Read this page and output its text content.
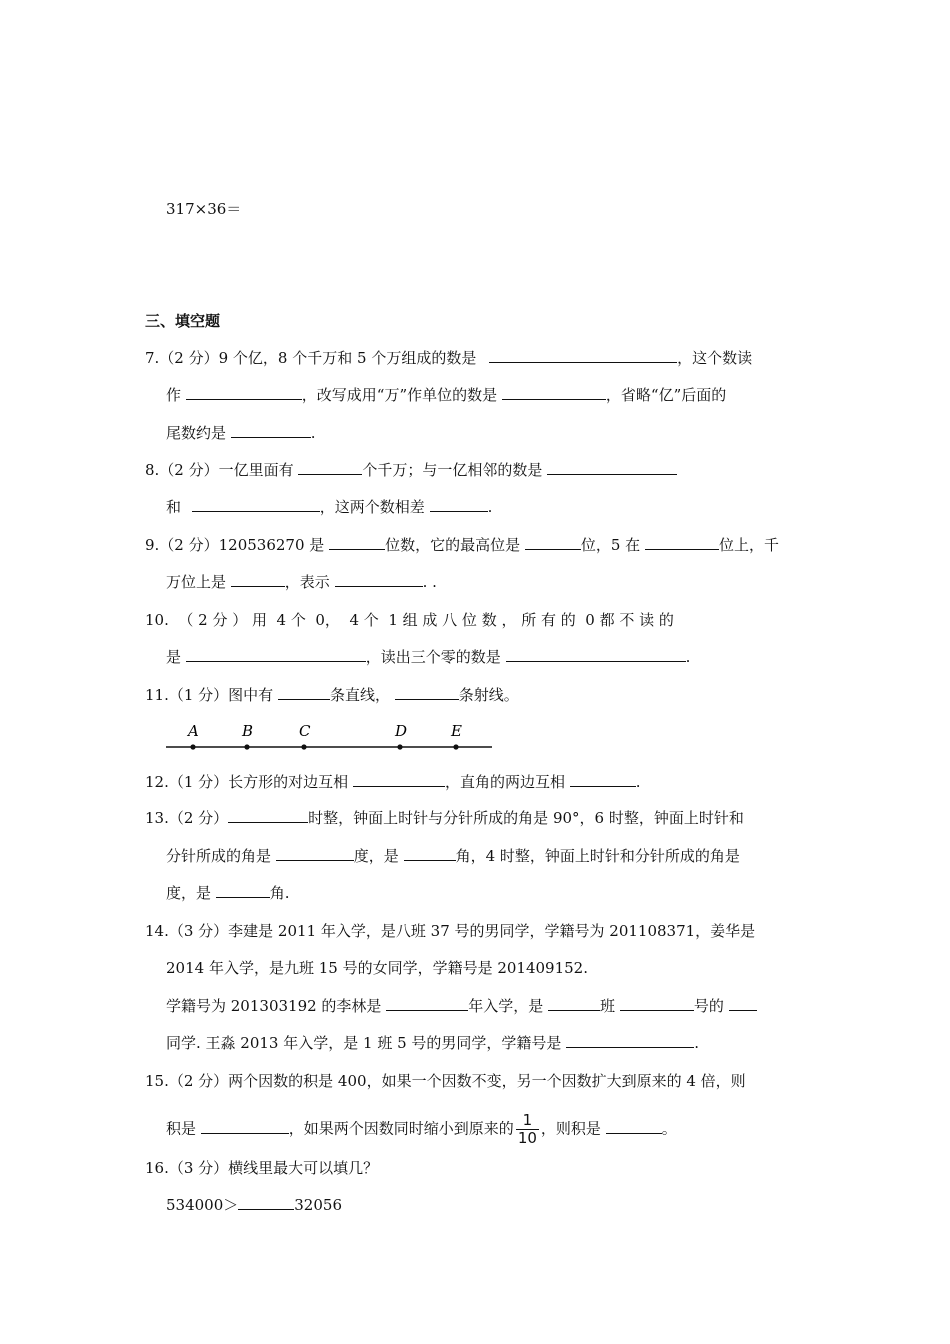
317×36＝
三、填空题
7.（2 分）9 个亿，8 个千万和 5 个万组成的数是	，这个数读
作	，改写成用“万”作单位的数是	，省略“亿”后面的
尾数约是	.
8.（2 分）一亿里面有	个千万；与一亿相邻的数是
和	，这两个数相差	.
9.（2 分）120536270 是	位数，它的最高位是	位，5 在	位上，千
万位上是	，表示	. .
10.  （ 2 分 ） 用  4 个  0，  4 个  1 组 成 八 位 数 ， 所 有 的  0 都 不 读 的
是	，读出三个零的数是	.
11.（1 分）图中有	条直线，	条射线。
A	B	C	D	E
12.（1 分）长方形的对边互相	，直角的两边互相	.
13.（2 分）	时整，钟面上时针与分针所成的角是 90°，6 时整，钟面上时针和
分针所成的角是	度，是	角，4 时整，钟面上时针和分针所成的角是
度，是	角.
14.（3 分）李建是 2011 年入学，是八班 37 号的男同学，学籍号为 201108371，姜华是
2014 年入学，是九班 15 号的女同学，学籍号是 201409152.
学籍号为 201303192 的李林是	年入学，是	班	号的
同学. 王淼 2013 年入学，是 1 班 5 号的男同学，学籍号是	.
15.（2 分）两个因数的积是 400，如果一个因数不变，另一个因数扩大到原来的 4 倍，则
积是	，如果两个因数同时缩小到原来的 $\frac{1}{10}$ ，则积是	。
16.（3 分）横线里最大可以填几？
534000＞	32056
